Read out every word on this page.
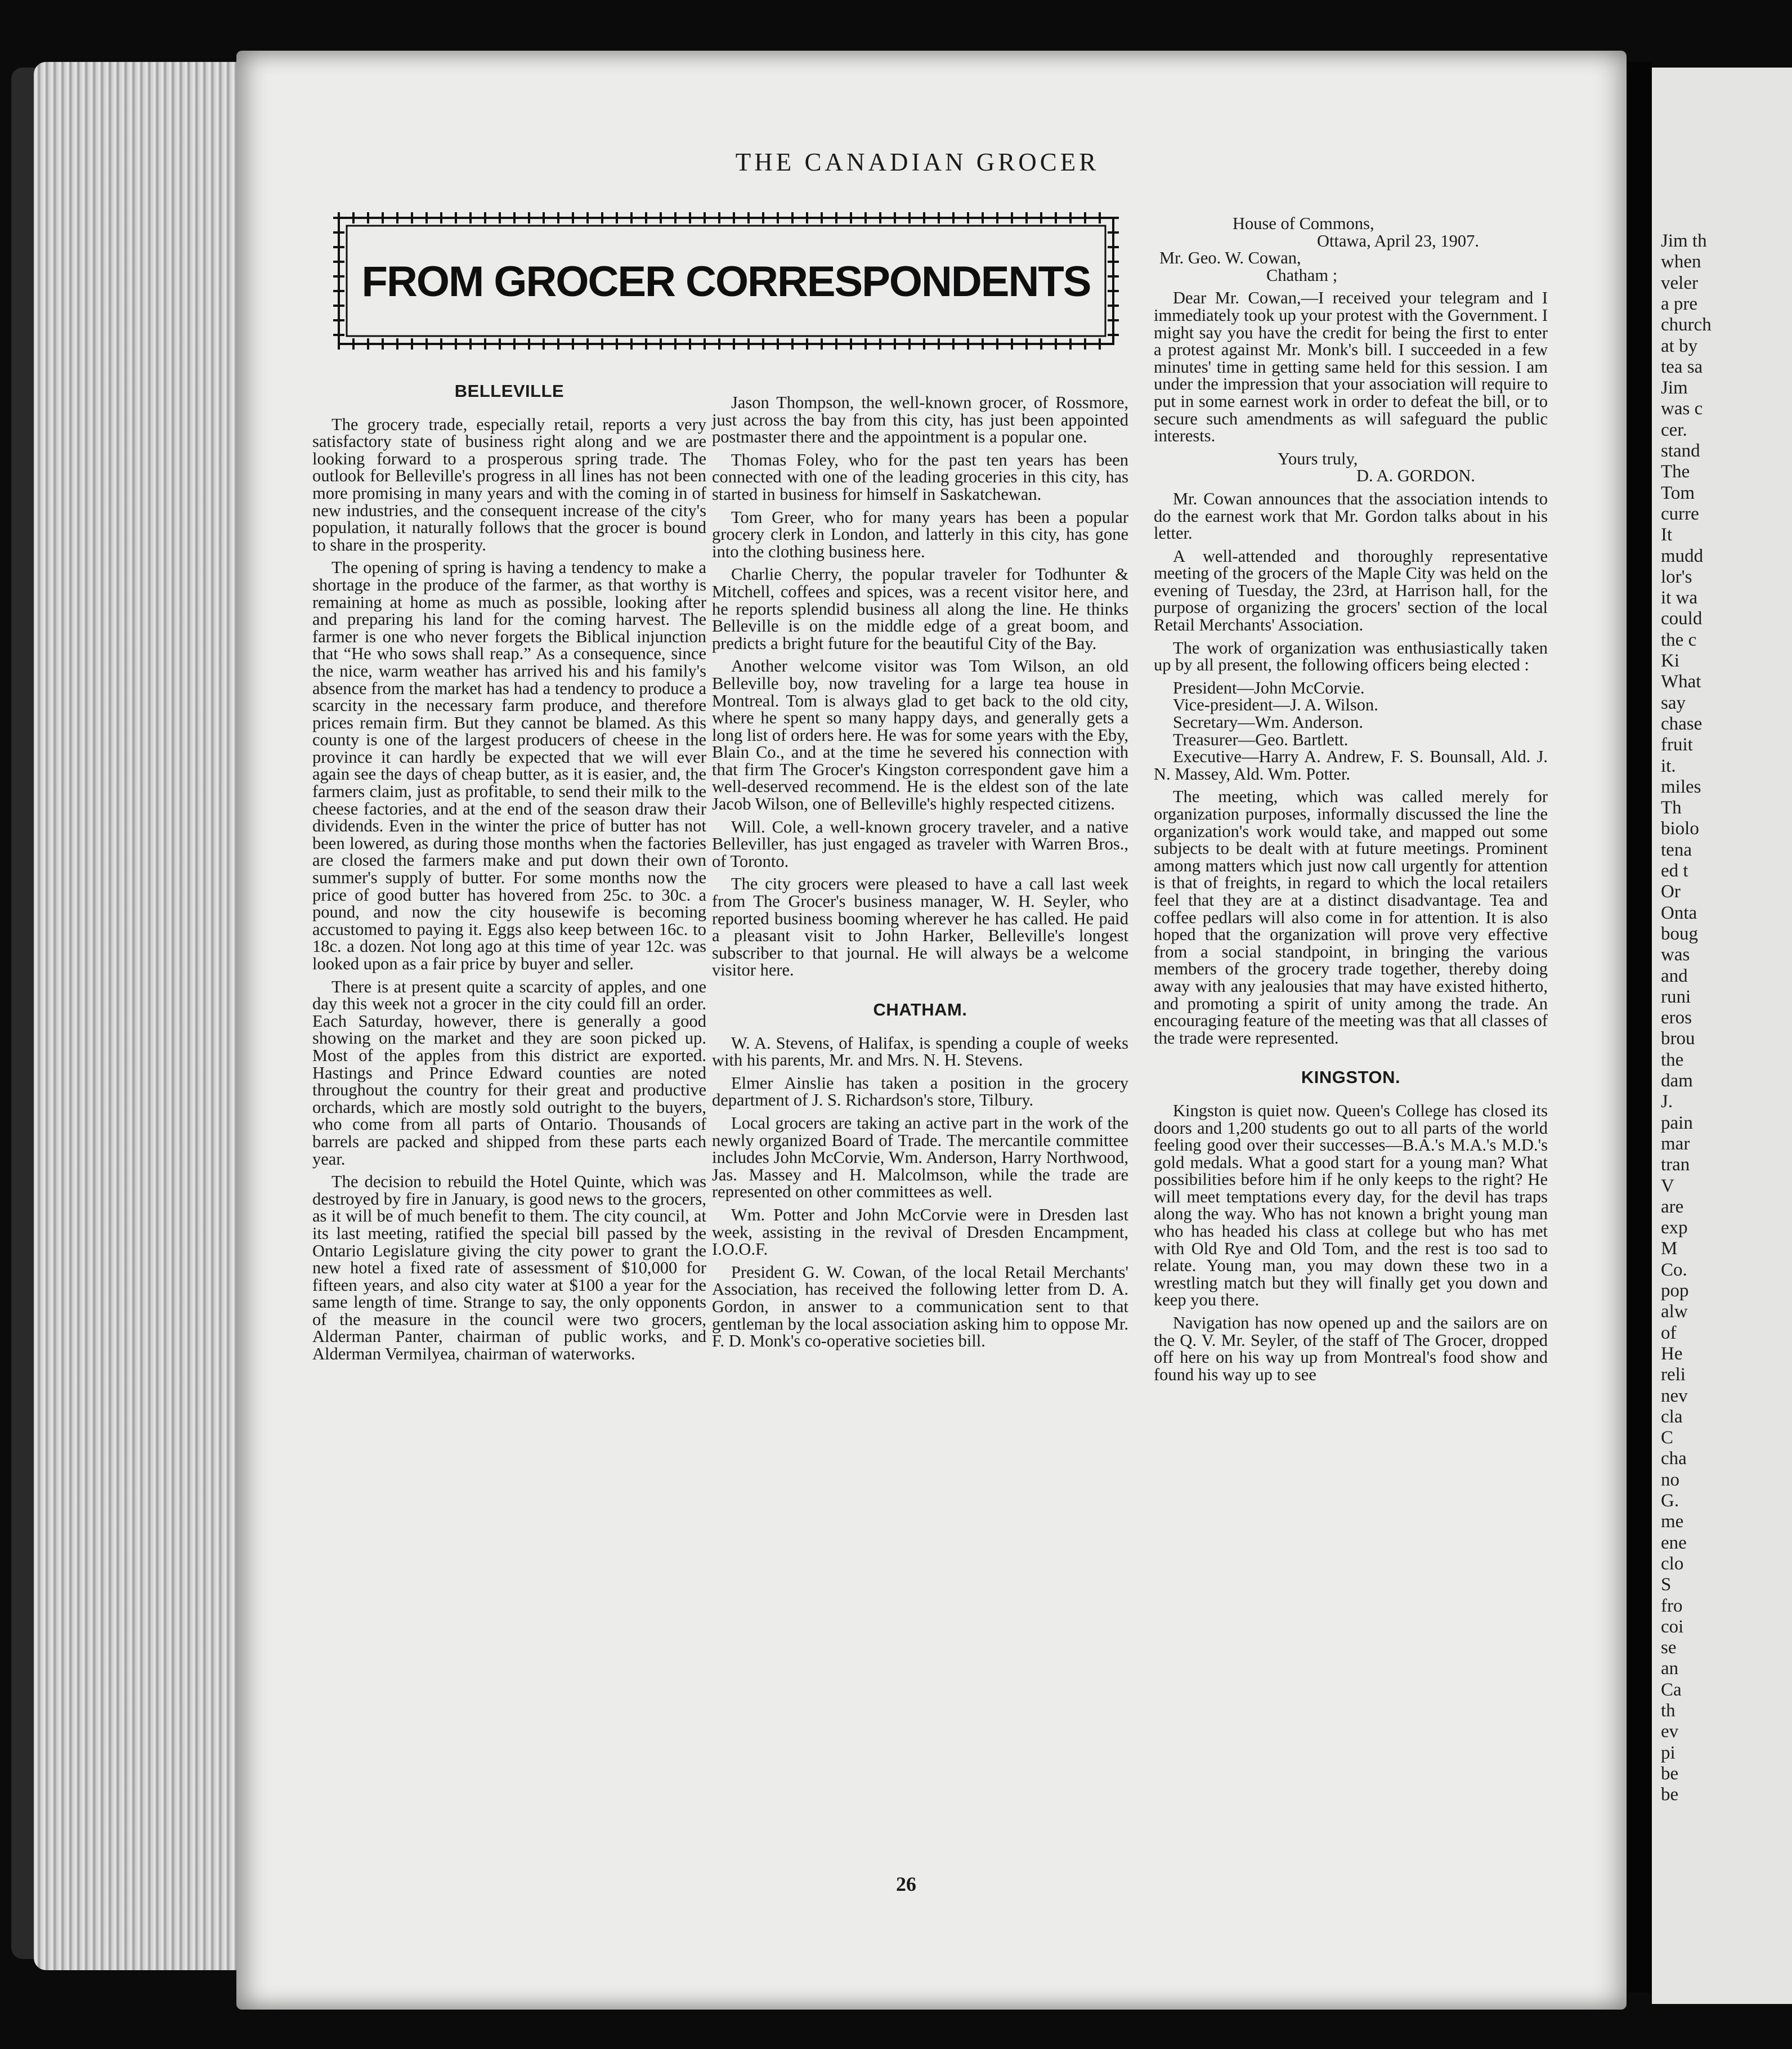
Jim th
when
veler
a pre
church
at by
tea sa
Jim
was c
cer.
stand
The
Tom
curre
It
mudd
lor's
it wa
could
the c
Ki
What
say
chase
fruit
it.
miles
Th
biolo
tena
ed t
Or
Onta
boug
was
and
runi
eros
brou
the
dam
J.
pain
mar
tran
V
are
exp
M
Co.
pop
alw
of
He
reli
nev
cla
C
cha
no
G.
me
ene
clo
S
fro
coi
se
an
Ca
th
ev
pi
be
be
THE CANADIAN GROCER
FROM GROCER CORRESPONDENTS
BELLEVILLE

The grocery trade, especially retail, reports a very satisfactory state of business right along and we are looking forward to a prosperous spring trade. The outlook for Belleville's progress in all lines has not been more promising in many years and with the coming in of new industries, and the consequent increase of the city's population, it naturally follows that the grocer is bound to share in the prosperity.

The opening of spring is having a tendency to make a shortage in the produce of the farmer, as that worthy is remaining at home as much as possible, looking after and preparing his land for the coming harvest. The farmer is one who never forgets the Biblical injunction that “He who sows shall reap.” As a consequence, since the nice, warm weather has arrived his and his family's absence from the market has had a tendency to produce a scarcity in the necessary farm produce, and therefore prices remain firm. But they cannot be blamed. As this county is one of the largest producers of cheese in the province it can hardly be expected that we will ever again see the days of cheap butter, as it is easier, and, the farmers claim, just as profitable, to send their milk to the cheese factories, and at the end of the season draw their dividends. Even in the winter the price of butter has not been lowered, as during those months when the factories are closed the farmers make and put down their own summer's supply of butter. For some months now the price of good butter has hovered from 25c. to 30c. a pound, and now the city housewife is becoming accustomed to paying it. Eggs also keep between 16c. to 18c. a dozen. Not long ago at this time of year 12c. was looked upon as a fair price by buyer and seller.

There is at present quite a scarcity of apples, and one day this week not a grocer in the city could fill an order. Each Saturday, however, there is generally a good showing on the market and they are soon picked up. Most of the apples from this district are exported. Hastings and Prince Edward counties are noted throughout the country for their great and productive orchards, which are mostly sold outright to the buyers, who come from all parts of Ontario. Thousands of barrels are packed and shipped from these parts each year.

The decision to rebuild the Hotel Quinte, which was destroyed by fire in January, is good news to the grocers, as it will be of much benefit to them. The city council, at its last meeting, ratified the special bill passed by the Ontario Legislature giving the city power to grant the new hotel a fixed rate of assessment of $10,000 for fifteen years, and also city water at $100 a year for the same length of time. Strange to say, the only opponents of the measure in the council were two grocers, Alderman Panter, chairman of public works, and Alderman Vermilyea, chairman of waterworks.

Jason Thompson, the well-known grocer, of Rossmore, just across the bay from this city, has just been appointed postmaster there and the appointment is a popular one.

Thomas Foley, who for the past ten years has been connected with one of the leading groceries in this city, has started in business for himself in Saskatchewan.

Tom Greer, who for many years has been a popular grocery clerk in London, and latterly in this city, has gone into the clothing business here.

Charlie Cherry, the popular traveler for Todhunter & Mitchell, coffees and spices, was a recent visitor here, and he reports splendid business all along the line. He thinks Belleville is on the middle edge of a great boom, and predicts a bright future for the beautiful City of the Bay.

Another welcome visitor was Tom Wilson, an old Belleville boy, now traveling for a large tea house in Montreal. Tom is always glad to get back to the old city, where he spent so many happy days, and generally gets a long list of orders here. He was for some years with the Eby, Blain Co., and at the time he severed his connection with that firm The Grocer's Kingston correspondent gave him a well-deserved recommend. He is the eldest son of the late Jacob Wilson, one of Belleville's highly respected citizens.

Will. Cole, a well-known grocery traveler, and a native Belleviller, has just engaged as traveler with Warren Bros., of Toronto.

The city grocers were pleased to have a call last week from The Grocer's business manager, W. H. Seyler, who reported business booming wherever he has called. He paid a pleasant visit to John Harker, Belleville's longest subscriber to that journal. He will always be a welcome visitor here.

CHATHAM.

W. A. Stevens, of Halifax, is spending a couple of weeks with his parents, Mr. and Mrs. N. H. Stevens.

Elmer Ainslie has taken a position in the grocery department of J. S. Richardson's store, Tilbury.

Local grocers are taking an active part in the work of the newly organized Board of Trade. The mercantile committee includes John McCorvie, Wm. Anderson, Harry Northwood, Jas. Massey and H. Malcolmson, while the trade are represented on other committees as well.

Wm. Potter and John McCorvie were in Dresden last week, assisting in the revival of Dresden Encampment, I.O.O.F.

President G. W. Cowan, of the local Retail Merchants' Association, has received the following letter from D. A. Gordon, in answer to a communication sent to that gentleman by the local association asking him to oppose Mr. F. D. Monk's co-operative societies bill.

House of Commons,

Ottawa, April 23, 1907.

Mr. Geo. W. Cowan,

Chatham ;

Dear Mr. Cowan,—I received your telegram and I immediately took up your protest with the Government. I might say you have the credit for being the first to enter a protest against Mr. Monk's bill. I succeeded in a few minutes' time in getting same held for this session. I am under the impression that your association will require to put in some earnest work in order to defeat the bill, or to secure such amendments as will safeguard the public interests.

Yours truly,

D. A. GORDON.

Mr. Cowan announces that the association intends to do the earnest work that Mr. Gordon talks about in his letter.

A well-attended and thoroughly representative meeting of the grocers of the Maple City was held on the evening of Tuesday, the 23rd, at Harrison hall, for the purpose of organizing the grocers' section of the local Retail Merchants' Association.

The work of organization was enthusiastically taken up by all present, the following officers being elected :

President—John McCorvie.

Vice-president—J. A. Wilson.

Secretary—Wm. Anderson.

Treasurer—Geo. Bartlett.

Executive—Harry A. Andrew, F. S. Bounsall, Ald. J. N. Massey, Ald. Wm. Potter.

The meeting, which was called merely for organization purposes, informally discussed the line the organization's work would take, and mapped out some subjects to be dealt with at future meetings. Prominent among matters which just now call urgently for attention is that of freights, in regard to which the local retailers feel that they are at a distinct disadvantage. Tea and coffee pedlars will also come in for attention. It is also hoped that the organization will prove very effective from a social standpoint, in bringing the various members of the grocery trade together, thereby doing away with any jealousies that may have existed hitherto, and promoting a spirit of unity among the trade. An encouraging feature of the meeting was that all classes of the trade were represented.

KINGSTON.

Kingston is quiet now. Queen's College has closed its doors and 1,200 students go out to all parts of the world feeling good over their successes—B.A.'s M.A.'s M.D.'s gold medals. What a good start for a young man? What possibilities before him if he only keeps to the right? He will meet temptations every day, for the devil has traps along the way. Who has not known a bright young man who has headed his class at college but who has met with Old Rye and Old Tom, and the rest is too sad to relate. Young man, you may down these two in a wrestling match but they will finally get you down and keep you there.

Navigation has now opened up and the sailors are on the Q. V. Mr. Seyler, of the staff of The Grocer, dropped off here on his way up from Montreal's food show and found his way up to see

26
